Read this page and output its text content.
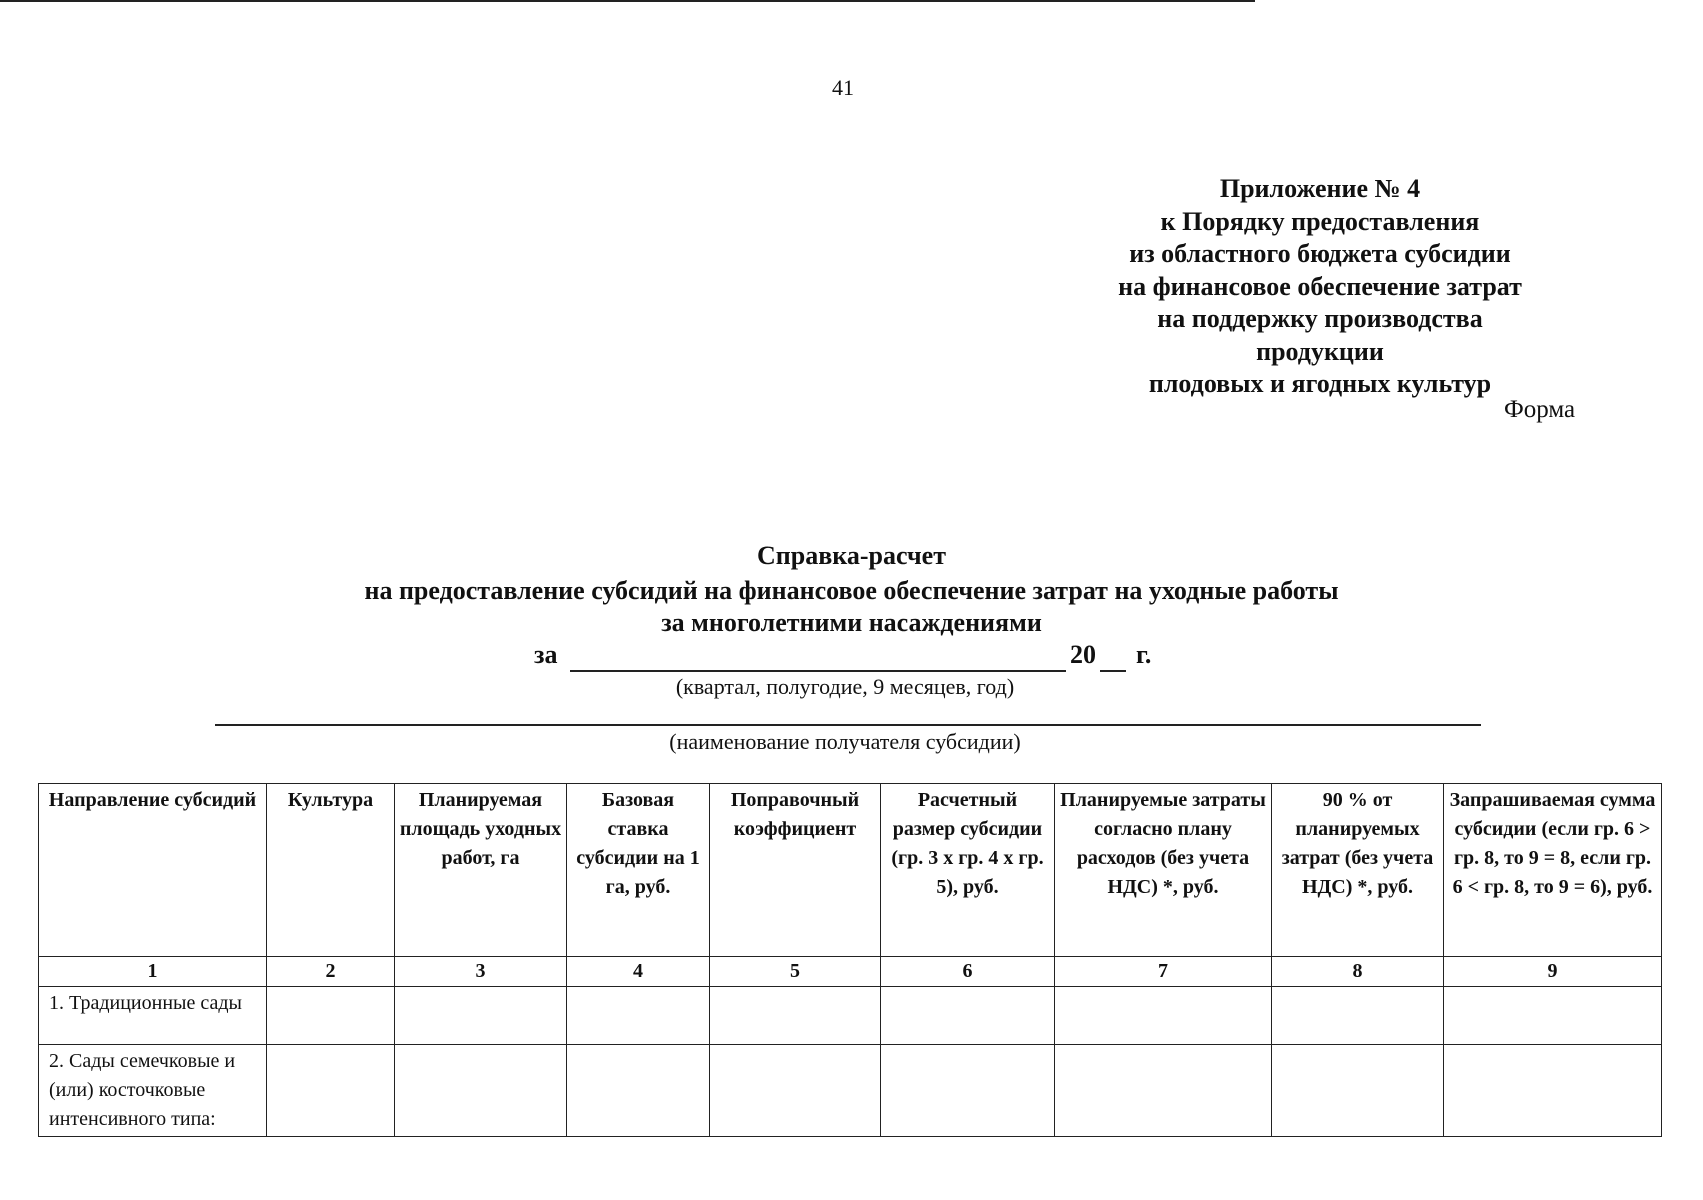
41
Приложение № 4
к Порядку предоставления
из областного бюджета субсидии
на финансовое обеспечение затрат
на поддержку производства продукции
плодовых и ягодных культур
Форма
Справка-расчет
на предоставление субсидий на финансовое обеспечение затрат на уходные работы
за многолетними насаждениями
за	20 г.
(квартал, полугодие, 9 месяцев, год)
(наименование получателя субсидии)
Направление субсидий	Культура	Планируемая площадь уходных работ, га	Базовая ставка субсидии на 1 га, руб.	Поправочный коэффициент	Расчетный размер субсидии (гр. 3 х гр. 4 х гр. 5), руб.	Планируемые затраты согласно плану расходов (без учета НДС) *, руб.	90 % от планируемых затрат (без учета НДС) *, руб.	Запрашиваемая сумма субсидии (если гр. 6 > гр. 8, то 9 = 8, если гр. 6 < гр. 8, то 9 = 6), руб.
1	2	3	4	5	6	7	8	9
1. Традиционные сады								
2. Сады семечковые и (или) косточковые интенсивного типа:								
